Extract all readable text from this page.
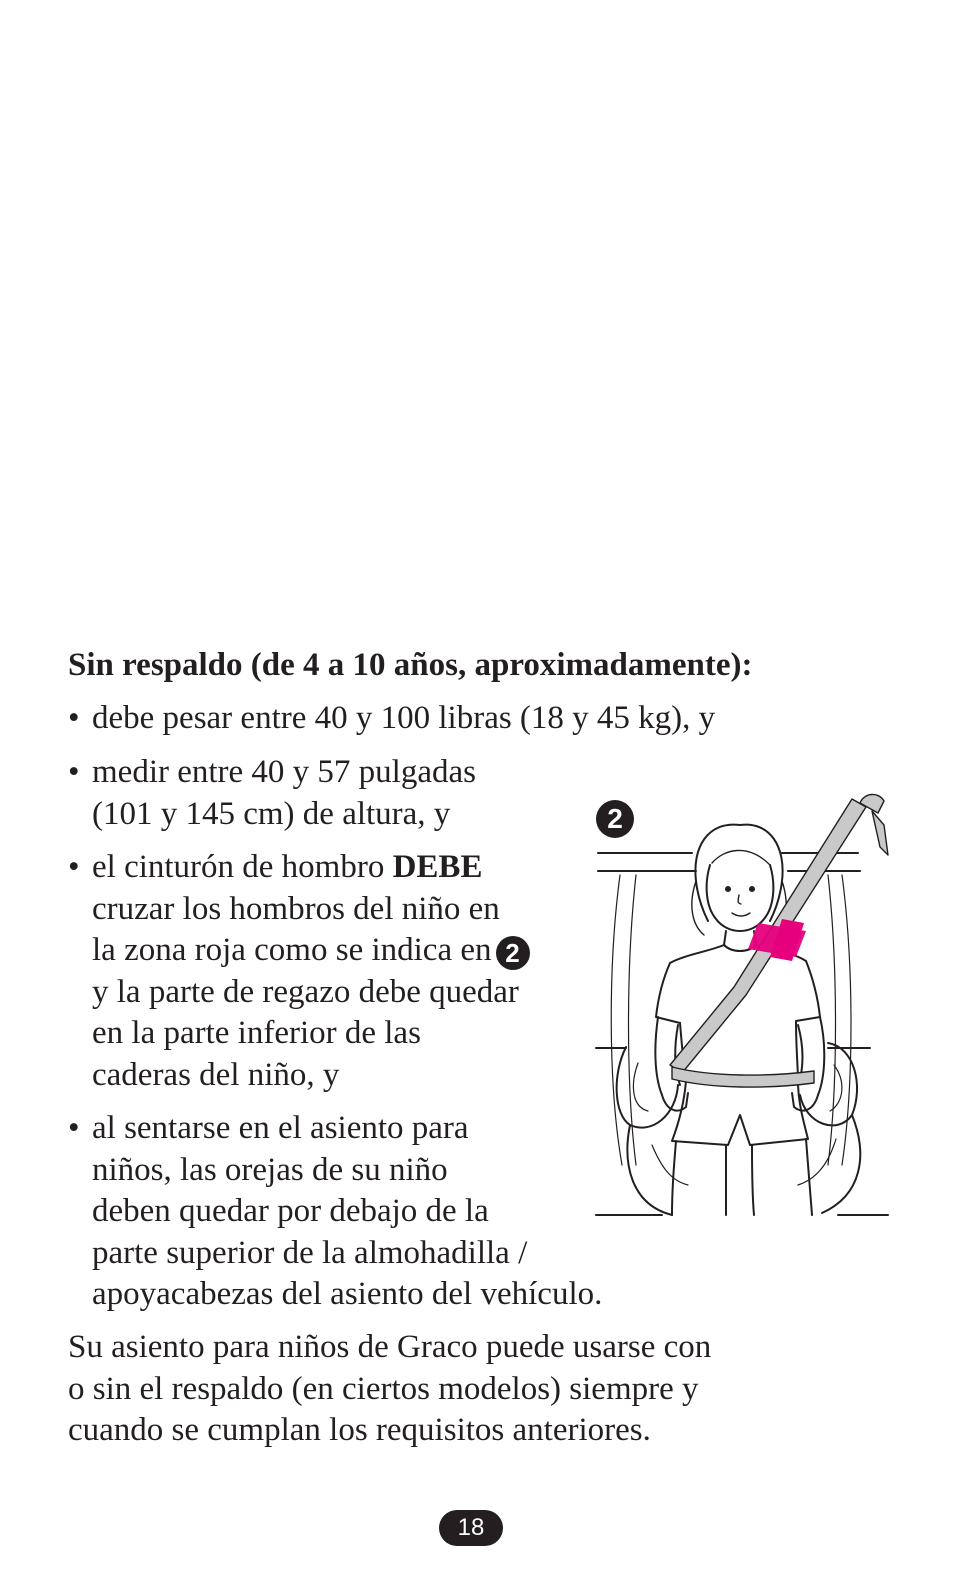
Sin respaldo (de 4 a 10 años, aproximadamente):
• debe pesar entre 40 y 100 libras (18 y 45 kg), y
• medir entre 40 y 57 pulgadas
(101 y 145 cm) de altura, y
• el cinturón de hombro DEBE
cruzar los hombros del niño en
la zona roja como se indica en 2
y la parte de regazo debe quedar
en la parte inferior de las
caderas del niño, y
• al sentarse en el asiento para
niños, las orejas de su niño
deben quedar por debajo de la
parte superior de la almohadilla /
apoyacabezas del asiento del vehículo.
2
Su asiento para niños de Graco puede usarse con
o sin el respaldo (en ciertos modelos) siempre y
cuando se cumplan los requisitos anteriores.
18
